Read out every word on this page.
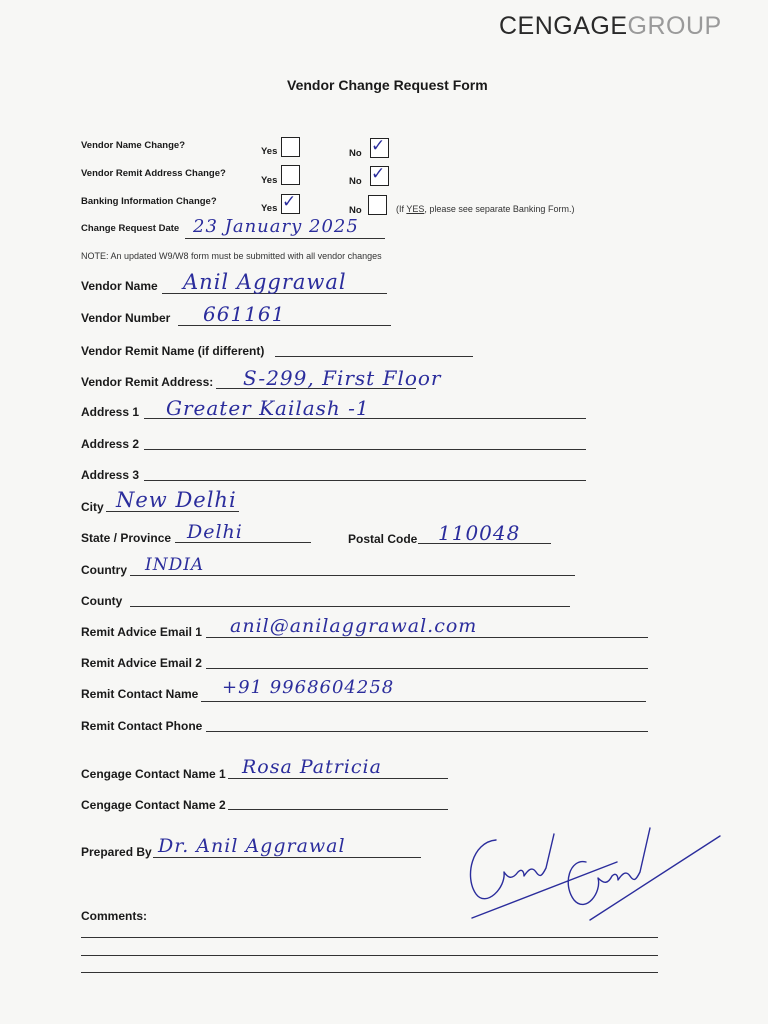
CENGAGEGROUP
Vendor Change Request Form
Vendor Name Change?
Yes	No ✓
Vendor Remit Address Change?
Yes	No ✓
Banking Information Change?
Yes ✓	No	(If YES, please see separate Banking Form.)
Change Request Date 23 January 2025
NOTE: An updated W9/W8 form must be submitted with all vendor changes
Vendor Name Anil Aggrawal
Vendor Number 661161
Vendor Remit Name (if different)
Vendor Remit Address: S-299, First Floor
Address 1 Greater Kailash -1
Address 2
Address 3
City New Delhi
State / Province Delhi	Postal Code 110048
Country INDIA
County
Remit Advice Email 1 anil@anilaggrawal.com
Remit Advice Email 2
Remit Contact Name +91 9968604258
Remit Contact Phone
Cengage Contact Name 1 Rosa Patricia
Cengage Contact Name 2
Prepared By Dr. Anil Aggrawal
Comments:
